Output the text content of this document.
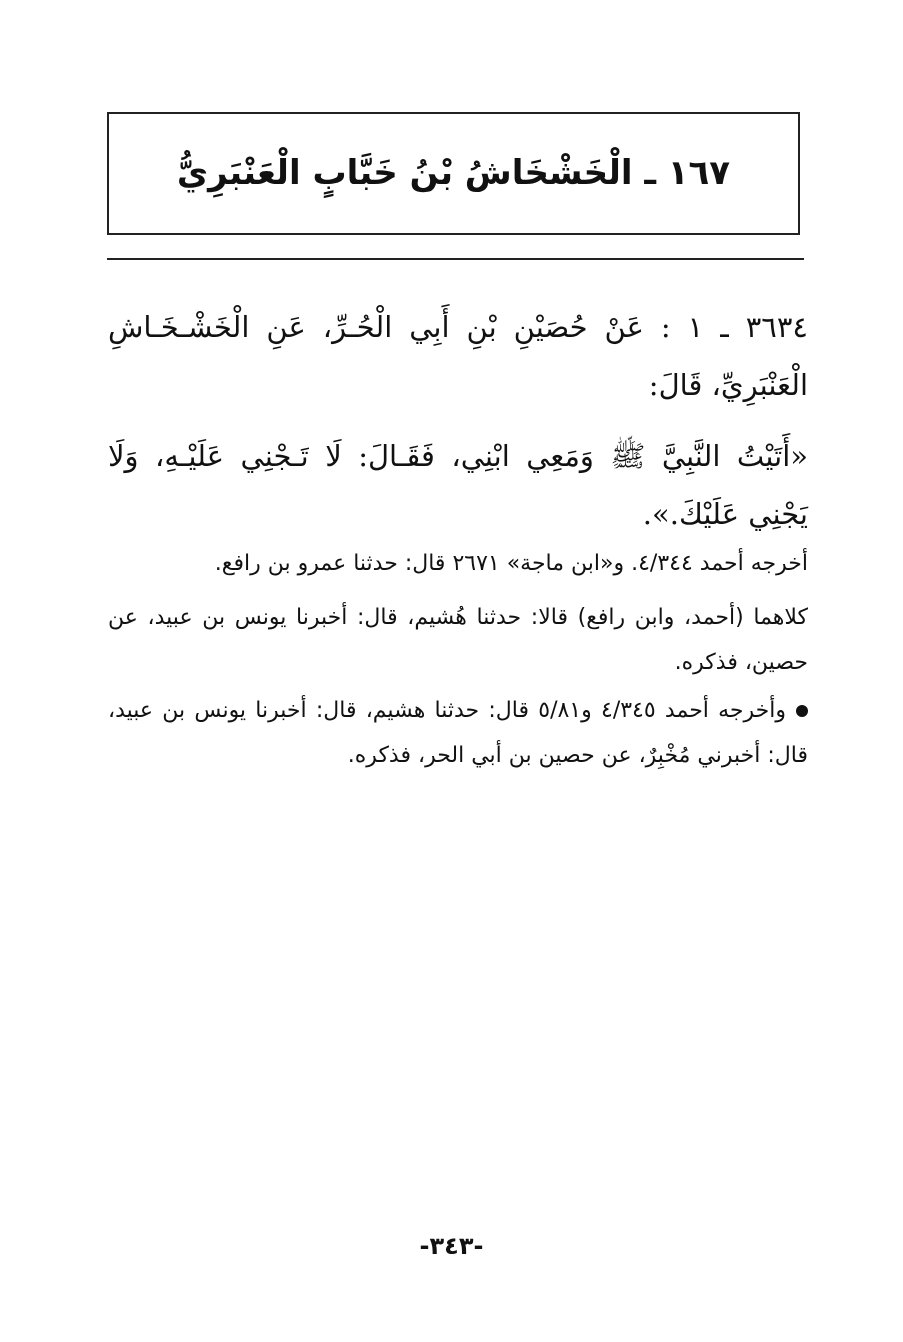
١٦٧ ـ الْخَشْخَاشُ بْنُ خَبَّابٍ الْعَنْبَرِيُّ
٣٦٣٤ ـ ١ : عَنْ حُصَيْنِ بْنِ أَبِي الْحُـرِّ، عَنِ الْخَشْـخَـاشِ الْعَنْبَرِيِّ، قَالَ:
«أَتَيْتُ النَّبِيَّ ﷺ وَمَعِي ابْنِي، فَقَـالَ: لَا تَـجْنِي عَلَيْـهِ، وَلَا يَجْنِي عَلَيْكَ.».
أخرجه أحمد ٤/٣٤٤. و«ابن ماجة» ٢٦٧١ قال: حدثنا عمرو بن رافع.
كلاهما (أحمد، وابن رافع) قالا: حدثنا هُشيم، قال: أخبرنا يونس بن عبيد، عن حصين، فذكره.
وأخرجه أحمد ٤/٣٤٥ و٥/٨١ قال: حدثنا هشيم، قال: أخبرنا يونس بن عبيد، قال: أخبرني مُخْبِرٌ، عن حصين بن أبي الحر، فذكره.
-٣٤٣-
